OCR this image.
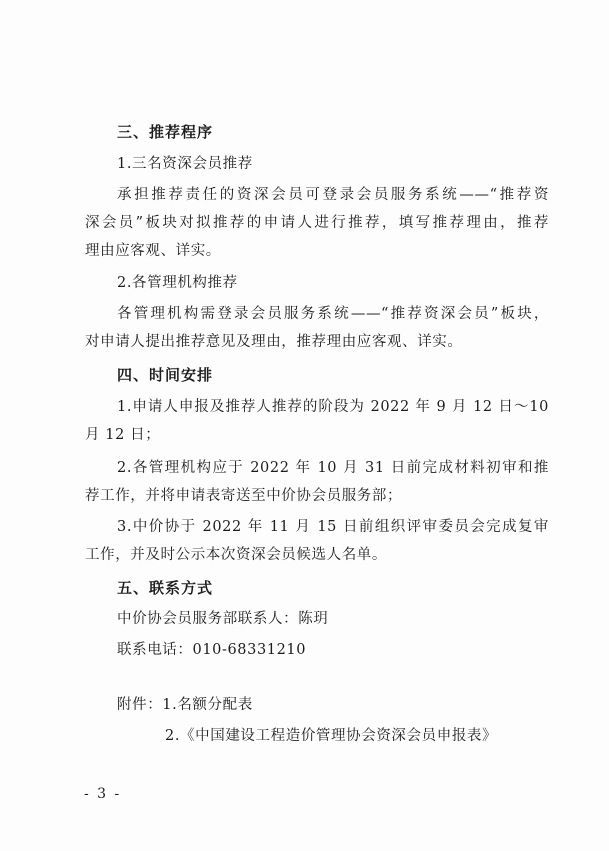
三、推荐程序
1.三名资深会员推荐
承担推荐责任的资深会员可登录会员服务系统——“推荐资
深会员”板块对拟推荐的申请人进行推荐，填写推荐理由，推荐
理由应客观、详实。
2.各管理机构推荐
各管理机构需登录会员服务系统——“推荐资深会员”板块，
对申请人提出推荐意见及理由，推荐理由应客观、详实。
四、时间安排
1.申请人申报及推荐人推荐的阶段为 2022 年 9 月 12 日～10
月 12 日；
2.各管理机构应于 2022 年 10 月 31 日前完成材料初审和推
荐工作，并将申请表寄送至中价协会员服务部；
3.中价协于 2022 年 11 月 15 日前组织评审委员会完成复审
工作，并及时公示本次资深会员候选人名单。
五、联系方式
中价协会员服务部联系人：陈玥
联系电话：010-68331210
附件：1.名额分配表
2.《中国建设工程造价管理协会资深会员申报表》
- 3 -
